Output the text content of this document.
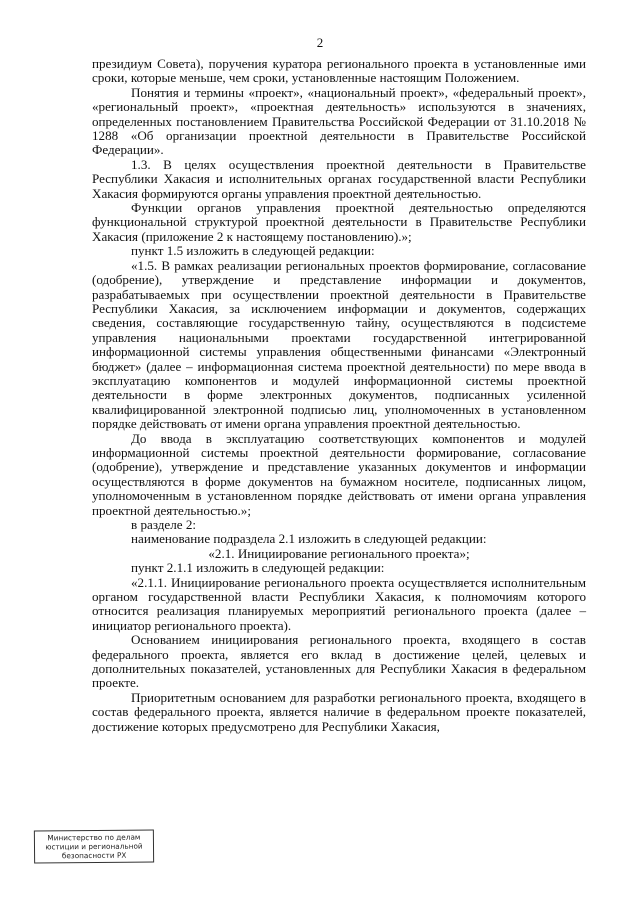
2

президиум Совета), поручения куратора регионального проекта в установленные ими сроки, которые меньше, чем сроки, установленные настоящим Положением.

Понятия и термины «проект», «национальный проект», «федеральный проект», «региональный проект», «проектная деятельность» используются в значениях, определенных постановлением Правительства Российской Федерации от 31.10.2018 № 1288 «Об организации проектной деятельности в Правительстве Российской Федерации».

1.3. В целях осуществления проектной деятельности в Правительстве Республики Хакасия и исполнительных органах государственной власти Республики Хакасия формируются органы управления проектной деятельностью.

Функции органов управления проектной деятельностью определяются функциональной структурой проектной деятельности в Правительстве Республики Хакасия (приложение 2 к настоящему постановлению).»;

пункт 1.5 изложить в следующей редакции:

«1.5. В рамках реализации региональных проектов формирование, согласование (одобрение), утверждение и представление информации и документов, разрабатываемых при осуществлении проектной деятельности в Правительстве Республики Хакасия, за исключением информации и документов, содержащих сведения, составляющие государственную тайну, осуществляются в подсистеме управления национальными проектами государственной интегрированной информационной системы управления общественными финансами «Электронный бюджет» (далее – информационная система проектной деятельности) по мере ввода в эксплуатацию компонентов и модулей информационной системы проектной деятельности в форме электронных документов, подписанных усиленной квалифицированной электронной подписью лиц, уполномоченных в установленном порядке действовать от имени органа управления проектной деятельностью.

До ввода в эксплуатацию соответствующих компонентов и модулей информационной системы проектной деятельности формирование, согласование (одобрение), утверждение и представление указанных документов и информации осуществляются в форме документов на бумажном носителе, подписанных лицом, уполномоченным в установленном порядке действовать от имени органа управления проектной деятельностью.»;

в разделе 2:

наименование подраздела 2.1 изложить в следующей редакции:

«2.1. Инициирование регионального проекта»;

пункт 2.1.1 изложить в следующей редакции:

«2.1.1. Инициирование регионального проекта осуществляется исполнительным органом государственной власти Республики Хакасия, к полномочиям которого относится реализация планируемых мероприятий регионального проекта (далее – инициатор регионального проекта).

Основанием инициирования регионального проекта, входящего в состав федерального проекта, является его вклад в достижение целей, целевых и дополнительных показателей, установленных для Республики Хакасия в федеральном проекте.

Приоритетным основанием для разработки регионального проекта, входящего в состав федерального проекта, является наличие в федеральном проекте показателей, достижение которых предусмотрено для Республики Хакасия,

Министерство по делам
юстиции и региональной
безопасности РХ
